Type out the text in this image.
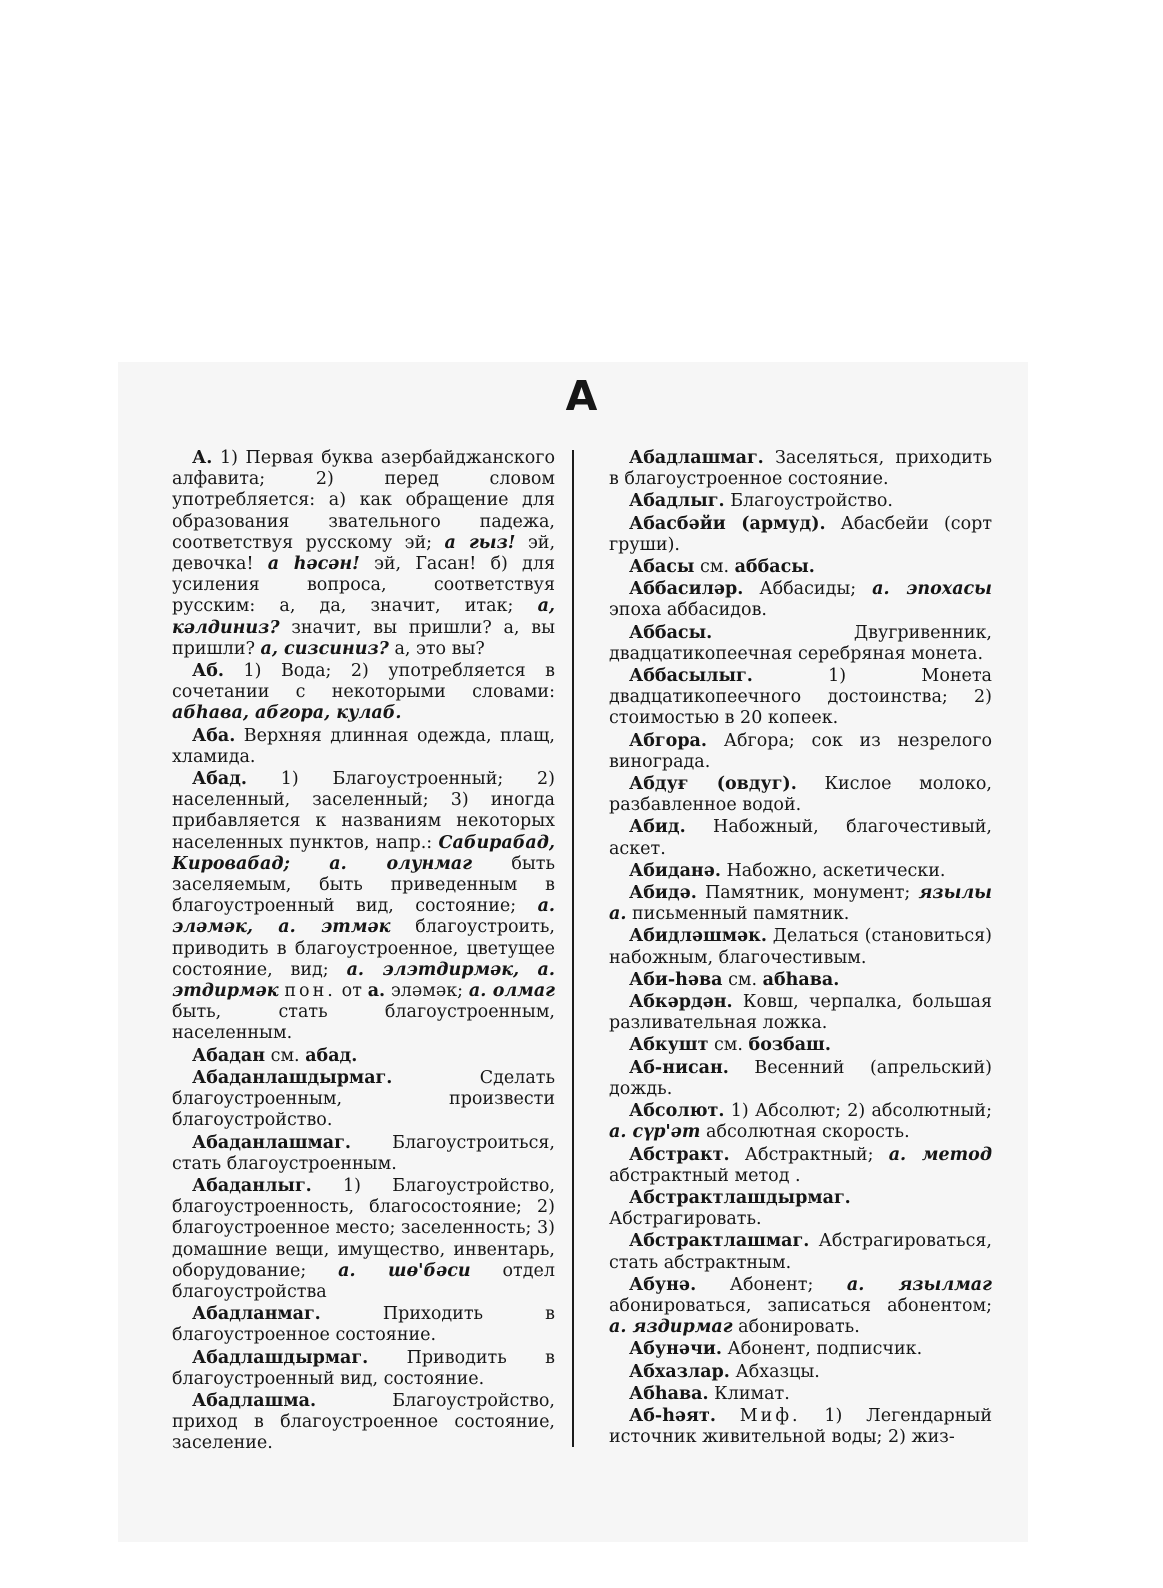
А

А. 1) Первая буква азербайджанского алфавита; 2) перед словом употребляется: а) как обращение для образования звательного падежа, соответствуя русскому эй; а гыз! эй, девочка! а һәсән! эй, Гасан! б) для усиления вопроса, соответствуя русским: а, да, значит, итак; а, кәлдиниз? значит, вы пришли? а, вы пришли? а, сизсиниз? а, это вы?

Аб. 1) Вода; 2) употребляется в сочетании с некоторыми словами: абһава, абгора, кулаб.

Аба. Верхняя длинная одежда, плащ, хламида.

Абад. 1) Благоустроенный; 2) населенный, заселенный; 3) иногда прибавляется к названиям некоторых населенных пунктов, напр.: Сабирабад, Кировабад; а. олунмаг быть заселяемым, быть приведенным в благоустроенный вид, состояние; а. эләмәк, а. этмәк благоустроить, приводить в благоустроенное, цветущее состояние, вид; а. элэтдирмәк, а. этдирмәк пон. от а. эләмәк; а. олмаг быть, стать благоустроенным, населенным.

Абадан см. абад.

Абаданлашдырмаг. Сделать благоустроенным, произвести благоустройство.

Абаданлашмаг. Благоустроиться, стать благоустроенным.

Абаданлыг. 1) Благоустройство, благоустроенность, благосостояние; 2) благоустроенное место; заселенность; 3) домашние вещи, имущество, инвентарь, оборудование; а. шө'бәси отдел благоустройства

Абадланмаг. Приходить в благоустроенное состояние.

Абадлашдырмаг. Приводить в благоустроенный вид, состояние.

Абадлашма. Благоустройство, приход в благоустроенное состояние, заселение.

Абадлашмаг. Заселяться, приходить в благоустроенное состояние.

Абадлыг. Благоустройство.

Абасбәйи (армуд). Абасбейи (сорт груши).

Абасы см. аббасы.

Аббасиләр. Аббасиды; а. эпохасы эпоха аббасидов.

Аббасы. Двугривенник, двадцатикопеечная серебряная монета.

Аббасылыг. 1) Монета двадцатикопеечного достоинства; 2) стоимостью в 20 копеек.

Абгора. Абгора; сок из незрелого винограда.

Абдуғ (овдуг). Кислое молоко, разбавленное водой.

Абид. Набожный, благочестивый, аскет.

Абиданә. Набожно, аскетически.

Абидә. Памятник, монумент; язылы а. письменный памятник.

Абидләшмәк. Делаться (становиться) набожным, благочестивым.

Аби-һәва см. абһава.

Абкәрдән. Ковш, черпалка, большая разливательная ложка.

Абкушт см. бозбаш.

Аб-нисан. Весенний (апрельский) дождь.

Абсолют. 1) Абсолют; 2) абсолютный; а. сүр'әт абсолютная скорость.

Абстракт. Абстрактный; а. метод абстрактный метод .

Абстрактлашдырмаг. Абстрагировать.

Абстрактлашмаг. Абстрагироваться, стать абстрактным.

Абунә. Абонент; а. язылмаг абонироваться, записаться абонентом; а. яздирмаг абонировать.

Абунәчи. Абонент, подписчик.

Абхазлар. Абхазцы.

Абһава. Климат.

Аб-һәят. Миф. 1) Легендарный источник живительной воды; 2) жиз-
